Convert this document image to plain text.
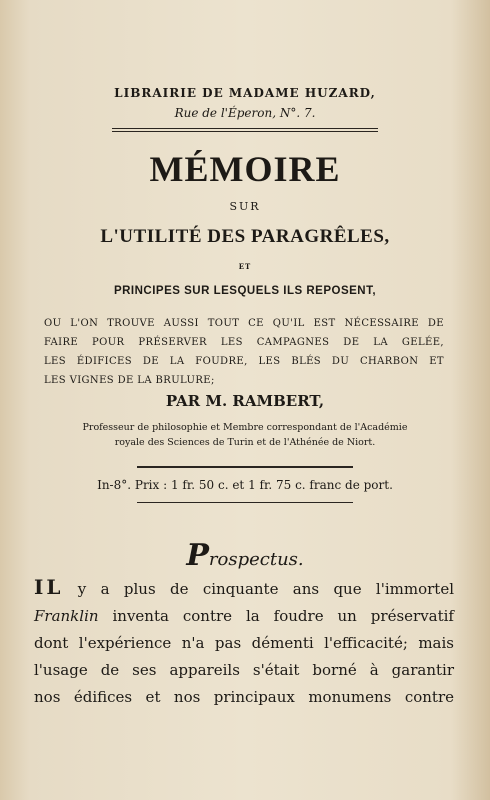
LIBRAIRIE DE MADAME HUZARD,
Rue de l'Éperon, N°. 7.
MÉMOIRE
SUR
L'UTILITÉ DES PARAGRÊLES,
ET
PRINCIPES SUR LESQUELS ILS REPOSENT,
OU L'ON TROUVE AUSSI TOUT CE QU'IL EST NÉCESSAIRE DE
FAIRE POUR PRÉSERVER LES CAMPAGNES DE LA GELÉE,
LES ÉDIFICES DE LA FOUDRE, LES BLÉS DU CHARBON ET
LES VIGNES DE LA BRULURE;
PAR M. RAMBERT,
Professeur de philosophie et Membre correspondant de l'Académie
royale des Sciences de Turin et de l'Athénée de Niort.
In-8°. Prix : 1 fr. 50 c. et 1 fr. 75 c. franc de port.
Prospectus.
IL y a plus de cinquante ans que l'immortel
Franklin inventa contre la foudre un préservatif
dont l'expérience n'a pas démenti l'efficacité; mais
l'usage de ses appareils s'était borné à garantir
nos édifices et nos principaux monumens contre
